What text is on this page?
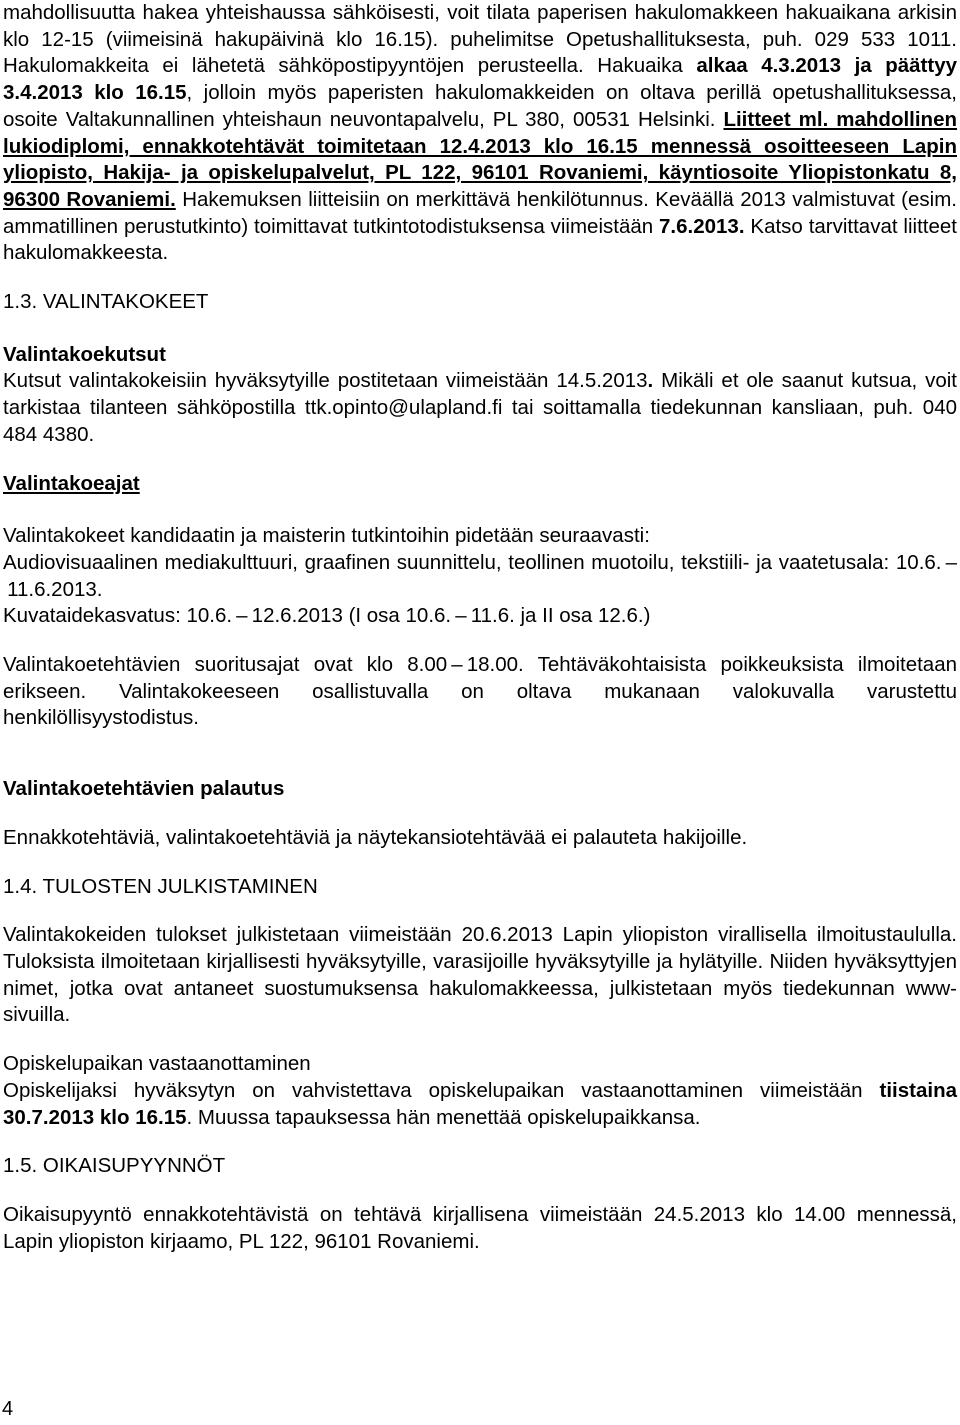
mahdollisuutta hakea yhteishaussa sähköisesti, voit tilata paperisen hakulomakkeen hakuaikana arkisin klo 12-15 (viimeisinä hakupäivinä klo 16.15). puhelimitse Opetushallituksesta, puh. 029 533 1011. Hakulomakkeita ei lähetetä sähköpostipyyntöjen perusteella. Hakuaika alkaa 4.3.2013 ja päättyy 3.4.2013 klo 16.15, jolloin myös paperisten hakulomakkeiden on oltava perillä opetushallituksessa, osoite Valtakunnallinen yhteishaun neuvontapalvelu, PL 380, 00531 Helsinki. Liitteet ml. mahdollinen lukiodiplomi, ennakkotehtävät toimitetaan 12.4.2013 klo 16.15 mennessä osoitteeseen Lapin yliopisto, Hakija- ja opiskelupalvelut, PL 122, 96101 Rovaniemi, käyntiosoite Yliopistonkatu 8, 96300 Rovaniemi. Hakemuksen liitteisiin on merkittävä henkilötunnus. Keväällä 2013 valmistuvat (esim. ammatillinen perustutkinto) toimittavat tutkintotodistuksensa viimeistään 7.6.2013. Katso tarvittavat liitteet hakulomakkeesta.

1.3. VALINTAKOKEET

Valintakoekutsut

Kutsut valintakokeisiin hyväksytyille postitetaan viimeistään 14.5.2013. Mikäli et ole saanut kutsua, voit tarkistaa tilanteen sähköpostilla ttk.opinto@ulapland.fi tai soittamalla tiedekunnan kansliaan, puh. 040 484 4380.

Valintakoeajat

Valintakokeet kandidaatin ja maisterin tutkintoihin pidetään seuraavasti:

Audiovisuaalinen mediakulttuuri, graafinen suunnittelu, teollinen muotoilu, tekstiili- ja vaatetusala: 10.6. – 11.6.2013.

Kuvataidekasvatus: 10.6. – 12.6.2013 (I osa 10.6. – 11.6. ja II osa 12.6.)

Valintakoetehtävien suoritusajat ovat klo 8.00 – 18.00. Tehtäväkohtaisista poikkeuksista ilmoitetaan erikseen. Valintakokeeseen osallistuvalla on oltava mukanaan valokuvalla varustettu henkilöllisyystodistus.

Valintakoetehtävien palautus

Ennakkotehtäviä, valintakoetehtäviä ja näytekansiotehtävää ei palauteta hakijoille.

1.4. TULOSTEN JULKISTAMINEN

Valintakokeiden tulokset julkistetaan viimeistään 20.6.2013 Lapin yliopiston virallisella ilmoitustaululla. Tuloksista ilmoitetaan kirjallisesti hyväksytyille, varasijoille hyväksytyille ja hylätyille. Niiden hyväksyttyjen nimet, jotka ovat antaneet suostumuksensa hakulomakkeessa, julkistetaan myös tiedekunnan www-sivuilla.

Opiskelupaikan vastaanottaminen

Opiskelijaksi hyväksytyn on vahvistettava opiskelupaikan vastaanottaminen viimeistään tiistaina 30.7.2013 klo 16.15. Muussa tapauksessa hän menettää opiskelupaikkansa.

1.5. OIKAISUPYYNNÖT

Oikaisupyyntö ennakkotehtävistä on tehtävä kirjallisena viimeistään 24.5.2013 klo 14.00 mennessä, Lapin yliopiston kirjaamo, PL 122, 96101 Rovaniemi.

4
